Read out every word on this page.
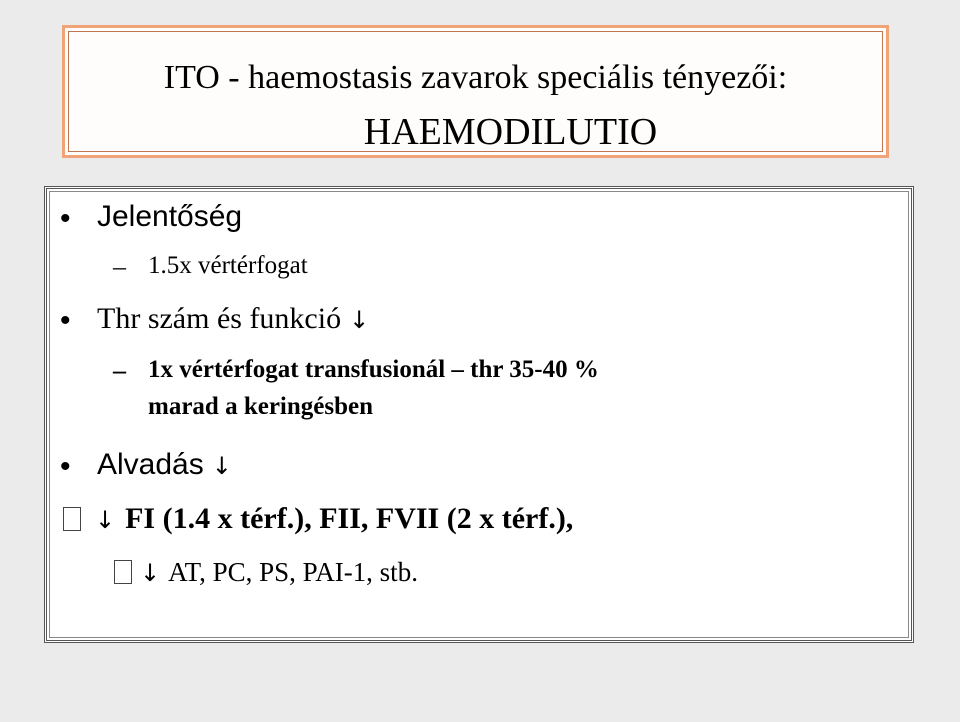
ITO - haemostasis zavarok speciális tényezői:
HAEMODILUTIO
• Jelentőség
– 1.5x vértérfogat
• Thr szám és funkció ↓
– 1x vértérfogat transfusionál – thr 35-40 %
marad a keringésben
• Alvadás ↓
↓ FI (1.4 x térf.), FII, FVII (2 x térf.),
↓ AT, PC, PS, PAI-1, stb.
